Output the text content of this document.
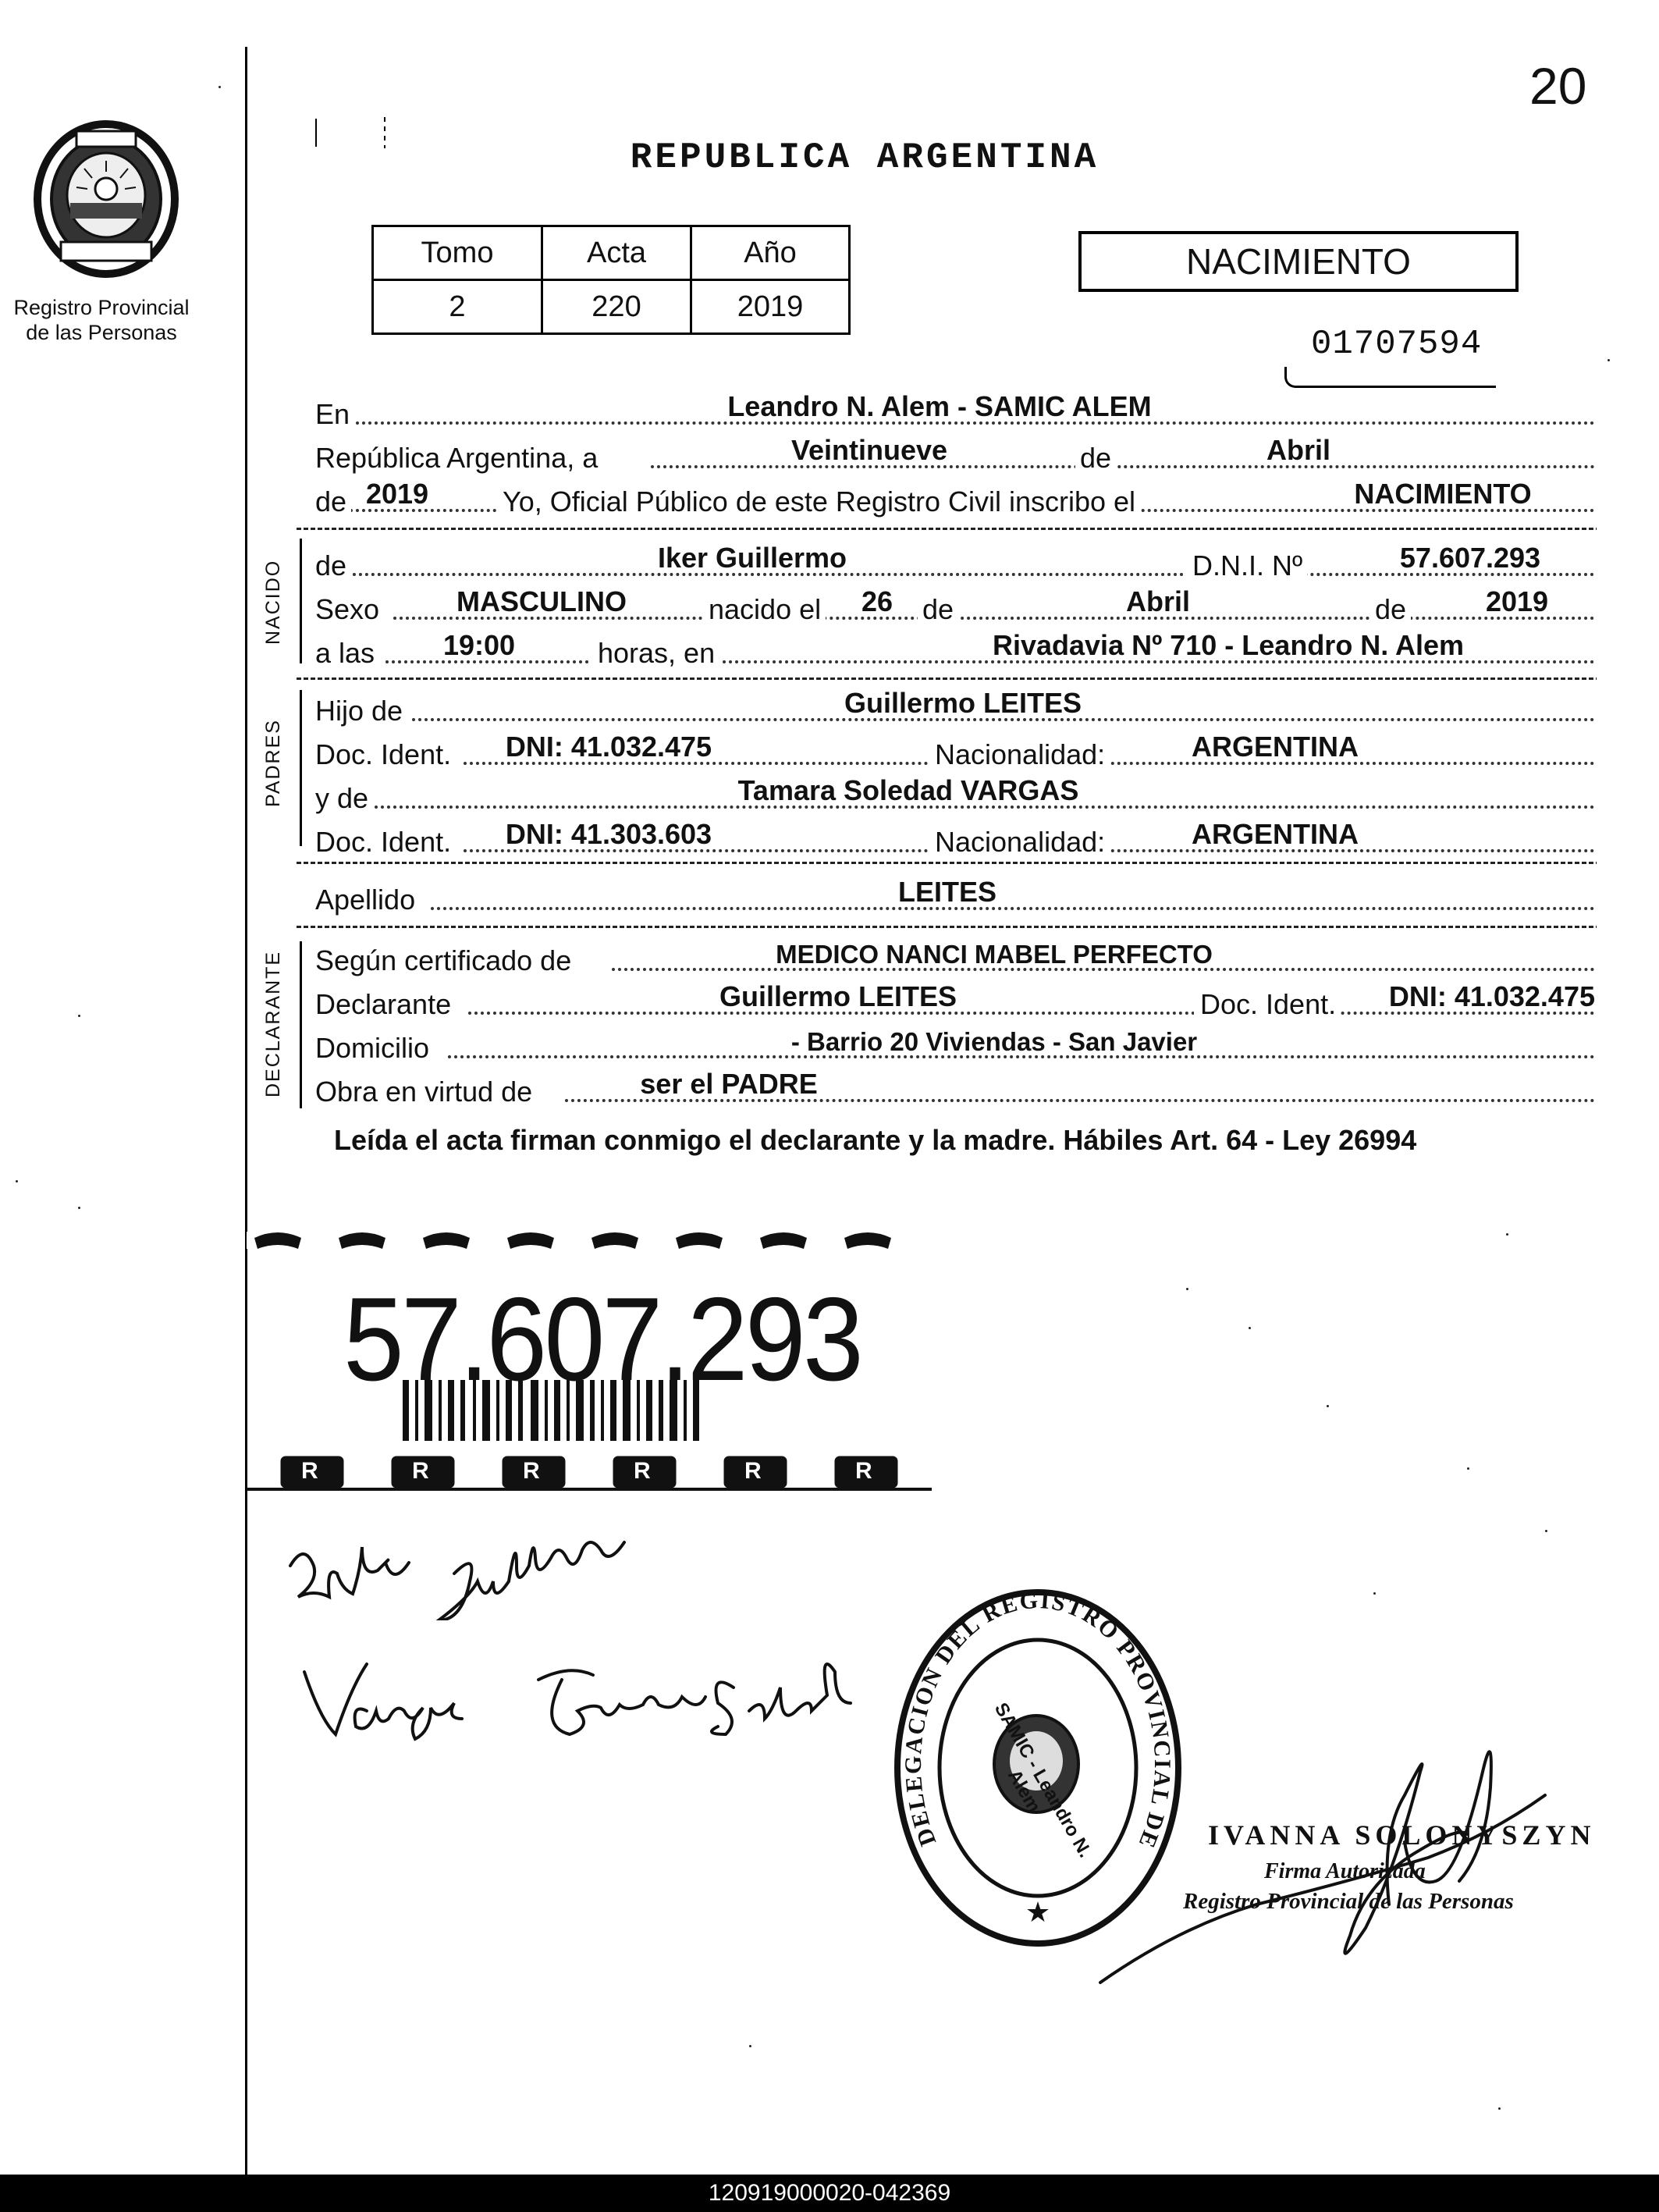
20
Registro Provincial
de las Personas
REPUBLICA ARGENTINA
Tomo	Acta	Año
2	220	2019
NACIMIENTO
01707594
En	Leandro N. Alem - SAMIC ALEM
República Argentina, a	Veintinueve	de	Abril
de 2019	Yo, Oficial Público de este Registro Civil inscribo el	NACIMIENTO
NACIDO de	Iker Guillermo	D.N.I. Nº	57.607.293
Sexo	MASCULINO	nacido el	26	de	Abril	de	2019
a las	19:00	horas, en	Rivadavia Nº 710 - Leandro N. Alem
PADRES
Hijo de	Guillermo LEITES
Doc. Ident.	DNI: 41.032.475	Nacionalidad:	ARGENTINA
y de	Tamara Soledad VARGAS
Doc. Ident.	DNI: 41.303.603	Nacionalidad:	ARGENTINA
Apellido	LEITES
DECLARANTE Según certificado de	MEDICO NANCI MABEL PERFECTO
Declarante	Guillermo LEITES	Doc. Ident.	DNI: 41.032.475
Domicilio	- Barrio 20 Viviendas - San Javier
Obra en virtud de	ser el PADRE
Leída el acta firman conmigo el declarante y la madre. Hábiles Art. 64 - Ley 26994
R	R	R	R	R	R
57.607.293
DELEGACION DEL REGISTRO PROVINCIAL DE
★
SAMIC - Leandro N. Alem
IVANNA SOLONYSZYN
Firma Autorizada
Registro Provincial de las Personas
120919000020-042369
